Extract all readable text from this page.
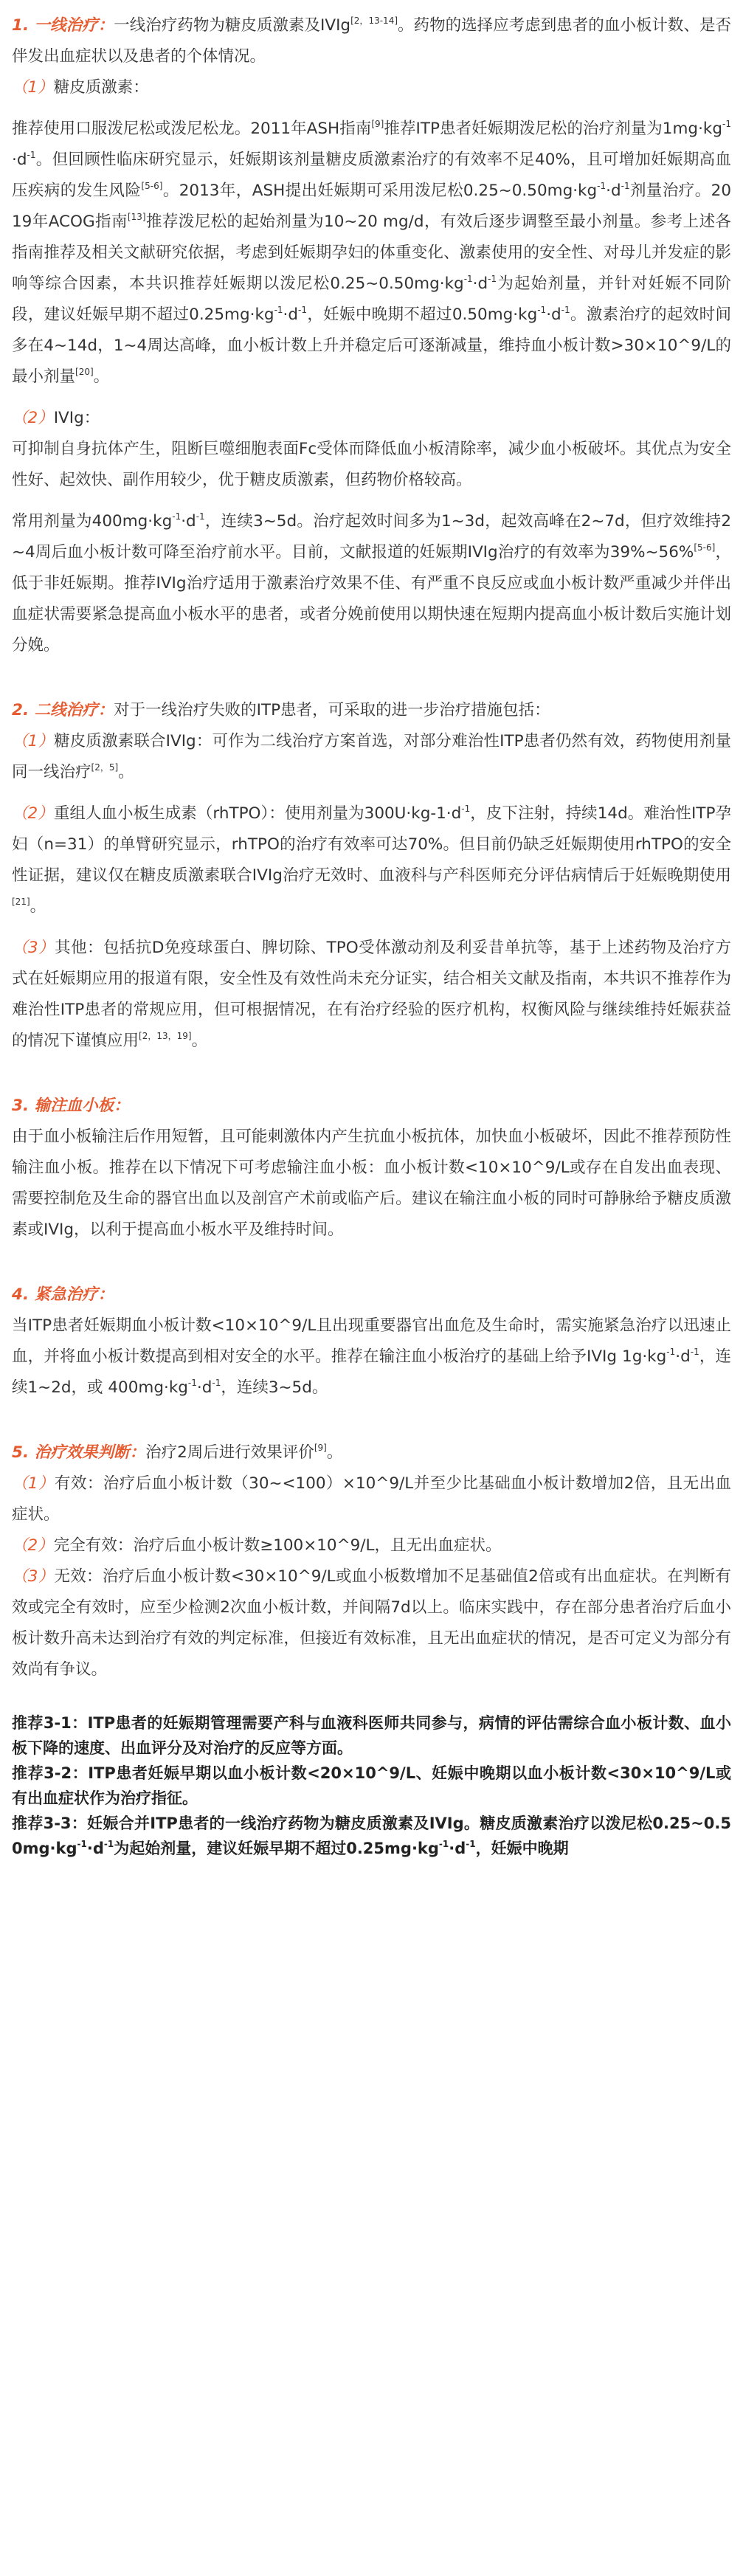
1. 一线治疗：一线治疗药物为糖皮质激素及IVIg[2，13-14]。药物的选择应考虑到患者的血小板计数、是否伴发出血症状以及患者的个体情况。

（1）糖皮质激素：

推荐使用口服泼尼松或泼尼松龙。2011年ASH指南[9]推荐ITP患者妊娠期泼尼松的治疗剂量为$1mg\cdot kg^{-1}\cdot d^{-1}$。但回顾性临床研究显示，妊娠期该剂量糖皮质激素治疗的有效率不足40%，且可增加妊娠期高血压疾病的发生风险[5-6]。2013年，ASH提出妊娠期可采用泼尼松$0.25\sim 0.50mg\cdot kg^{-1}\cdot d^{-1}$剂量治疗。2019年ACOG指南[13]推荐泼尼松的起始剂量为10~20 mg/d，有效后逐步调整至最小剂量。参考上述各指南推荐及相关文献研究依据，考虑到妊娠期孕妇的体重变化、激素使用的安全性、对母儿并发症的影响等综合因素，本共识推荐妊娠期以泼尼松$0.25\sim 0.50mg\cdot kg^{-1}\cdot d^{-1}$为起始剂量，并针对妊娠不同阶段，建议妊娠早期不超过$0.25mg\cdot kg^{-1}\cdot d^{-1}$，妊娠中晚期不超过$0.50mg\cdot kg^{-1}\cdot d^{-1}$。激素治疗的起效时间多在4~14d，1~4周达高峰，血小板计数上升并稳定后可逐渐减量，维持血小板计数>30×10^9/L的最小剂量[20]。

（2）IVIg：

可抑制自身抗体产生，阻断巨噬细胞表面Fc受体而降低血小板清除率，减少血小板破坏。其优点为安全性好、起效快、副作用较少，优于糖皮质激素，但药物价格较高。

常用剂量为$400mg\cdot kg^{-1}\cdot d^{-1}$，连续3~5d。治疗起效时间多为1~3d，起效高峰在2~7d，但疗效维持2~4周后血小板计数可降至治疗前水平。目前，文献报道的妊娠期IVIg治疗的有效率为39%~56%[5-6]，低于非妊娠期。推荐IVIg治疗适用于激素治疗效果不佳、有严重不良反应或血小板计数严重减少并伴出血症状需要紧急提高血小板水平的患者，或者分娩前使用以期快速在短期内提高血小板计数后实施计划分娩。

2. 二线治疗：对于一线治疗失败的ITP患者，可采取的进一步治疗措施包括：

（1）糖皮质激素联合IVIg：可作为二线治疗方案首选，对部分难治性ITP患者仍然有效，药物使用剂量同一线治疗[2，5]。

（2）重组人血小板生成素（rhTPO）：使用剂量为$300U\cdot kg-1\cdot d^{-1}$，皮下注射，持续14d。难治性ITP孕妇（n=31）的单臂研究显示，rhTPO的治疗有效率可达70%。但目前仍缺乏妊娠期使用rhTPO的安全性证据，建议仅在糖皮质激素联合IVIg治疗无效时、血液科与产科医师充分评估病情后于妊娠晚期使用[21]。

（3）其他：包括抗D免疫球蛋白、脾切除、TPO受体激动剂及利妥昔单抗等，基于上述药物及治疗方式在妊娠期应用的报道有限，安全性及有效性尚未充分证实，结合相关文献及指南，本共识不推荐作为难治性ITP患者的常规应用，但可根据情况，在有治疗经验的医疗机构，权衡风险与继续维持妊娠获益的情况下谨慎应用[2，13，19]。

3. 输注血小板：

由于血小板输注后作用短暂，且可能刺激体内产生抗血小板抗体，加快血小板破坏，因此不推荐预防性输注血小板。推荐在以下情况下可考虑输注血小板：血小板计数<10×10^9/L或存在自发出血表现、需要控制危及生命的器官出血以及剖宫产术前或临产后。建议在输注血小板的同时可静脉给予糖皮质激素或IVIg，以利于提高血小板水平及维持时间。

4. 紧急治疗：

当ITP患者妊娠期血小板计数<10×10^9/L且出现重要器官出血危及生命时，需实施紧急治疗以迅速止血，并将血小板计数提高到相对安全的水平。推荐在输注血小板治疗的基础上给予IVIg $1g\cdot kg^{-1}\cdot d^{-1}$，连续1~2d，或 $400mg\cdot kg^{-1}\cdot d^{-1}$，连续3~5d。

5. 治疗效果判断：治疗2周后进行效果评价[9]。

（1）有效：治疗后血小板计数（30~<100）×10^9/L并至少比基础血小板计数增加2倍，且无出血症状。

（2）完全有效：治疗后血小板计数≥100×10^9/L，且无出血症状。

（3）无效：治疗后血小板计数<30×10^9/L或血小板数增加不足基础值2倍或有出血症状。在判断有效或完全有效时，应至少检测2次血小板计数，并间隔7d以上。临床实践中，存在部分患者治疗后血小板计数升高未达到治疗有效的判定标准，但接近有效标准，且无出血症状的情况，是否可定义为部分有效尚有争议。

推荐3-1：ITP患者的妊娠期管理需要产科与血液科医师共同参与，病情的评估需综合血小板计数、血小板下降的速度、出血评分及对治疗的反应等方面。

推荐3-2：ITP患者妊娠早期以血小板计数<20×10^9/L、妊娠中晚期以血小板计数<30×10^9/L或有出血症状作为治疗指征。

推荐3-3：妊娠合并ITP患者的一线治疗药物为糖皮质激素及IVIg。糖皮质激素治疗以泼尼松$0.25\sim 0.50mg\cdot kg^{-1}\cdot d^{-1}$为起始剂量，建议妊娠早期不超过$0.25mg\cdot kg^{-1}\cdot d^{-1}$，妊娠中晚期
